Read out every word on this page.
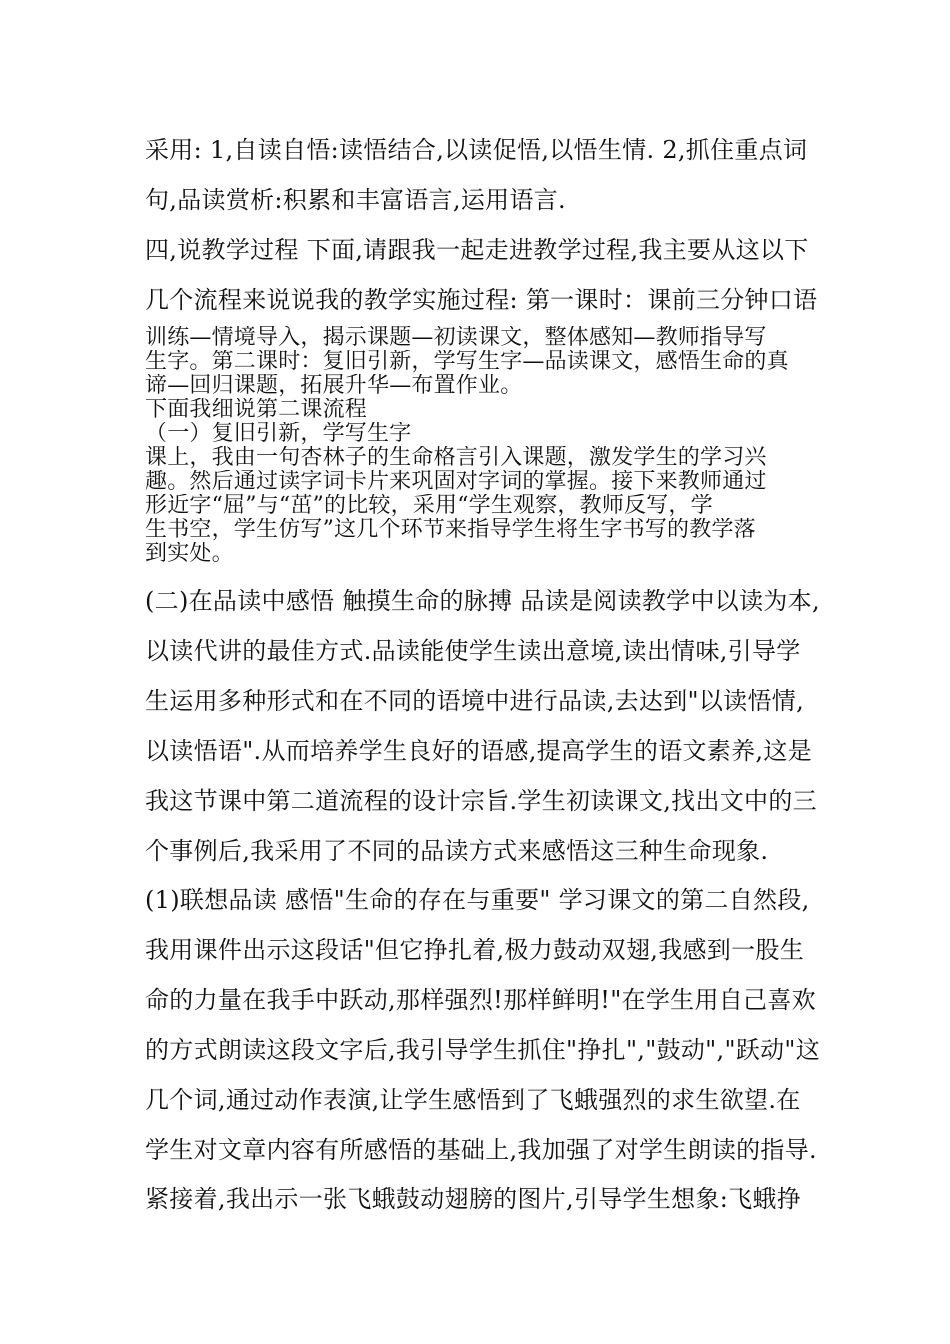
采用: 1,自读自悟:读悟结合,以读促悟,以悟生情. 2,抓住重点词

句,品读赏析:积累和丰富语言,运用语言.

四,说教学过程 下面,请跟我一起走进教学过程,我主要从这以下

几个流程来说说我的教学实施过程: 第一课时：课前三分钟口语

训练—情境导入，揭示课题—初读课文，整体感知—教师指导写

生字。第二课时：复旧引新，学写生字—品读课文，感悟生命的真

谛—回归课题，拓展升华—布置作业。

下面我细说第二课流程

（一）复旧引新，学写生字

课上，我由一句杏林子的生命格言引入课题，激发学生的学习兴

趣。然后通过读字词卡片来巩固对字词的掌握。接下来教师通过

形近字“屈”与“茁”的比较，采用“学生观察，教师反写，学

生书空，学生仿写”这几个环节来指导学生将生字书写的教学落

到实处。

(二)在品读中感悟 触摸生命的脉搏 品读是阅读教学中以读为本,

以读代讲的最佳方式.品读能使学生读出意境,读出情味,引导学

生运用多种形式和在不同的语境中进行品读,去达到"以读悟情,

以读悟语".从而培养学生良好的语感,提高学生的语文素养,这是

我这节课中第二道流程的设计宗旨.学生初读课文,找出文中的三

个事例后,我采用了不同的品读方式来感悟这三种生命现象.

(1)联想品读 感悟"生命的存在与重要" 学习课文的第二自然段,

我用课件出示这段话"但它挣扎着,极力鼓动双翅,我感到一股生

命的力量在我手中跃动,那样强烈!那样鲜明!"在学生用自己喜欢

的方式朗读这段文字后,我引导学生抓住"挣扎","鼓动","跃动"这

几个词,通过动作表演,让学生感悟到了飞蛾强烈的求生欲望.在

学生对文章内容有所感悟的基础上,我加强了对学生朗读的指导.

紧接着,我出示一张飞蛾鼓动翅膀的图片,引导学生想象:飞蛾挣
